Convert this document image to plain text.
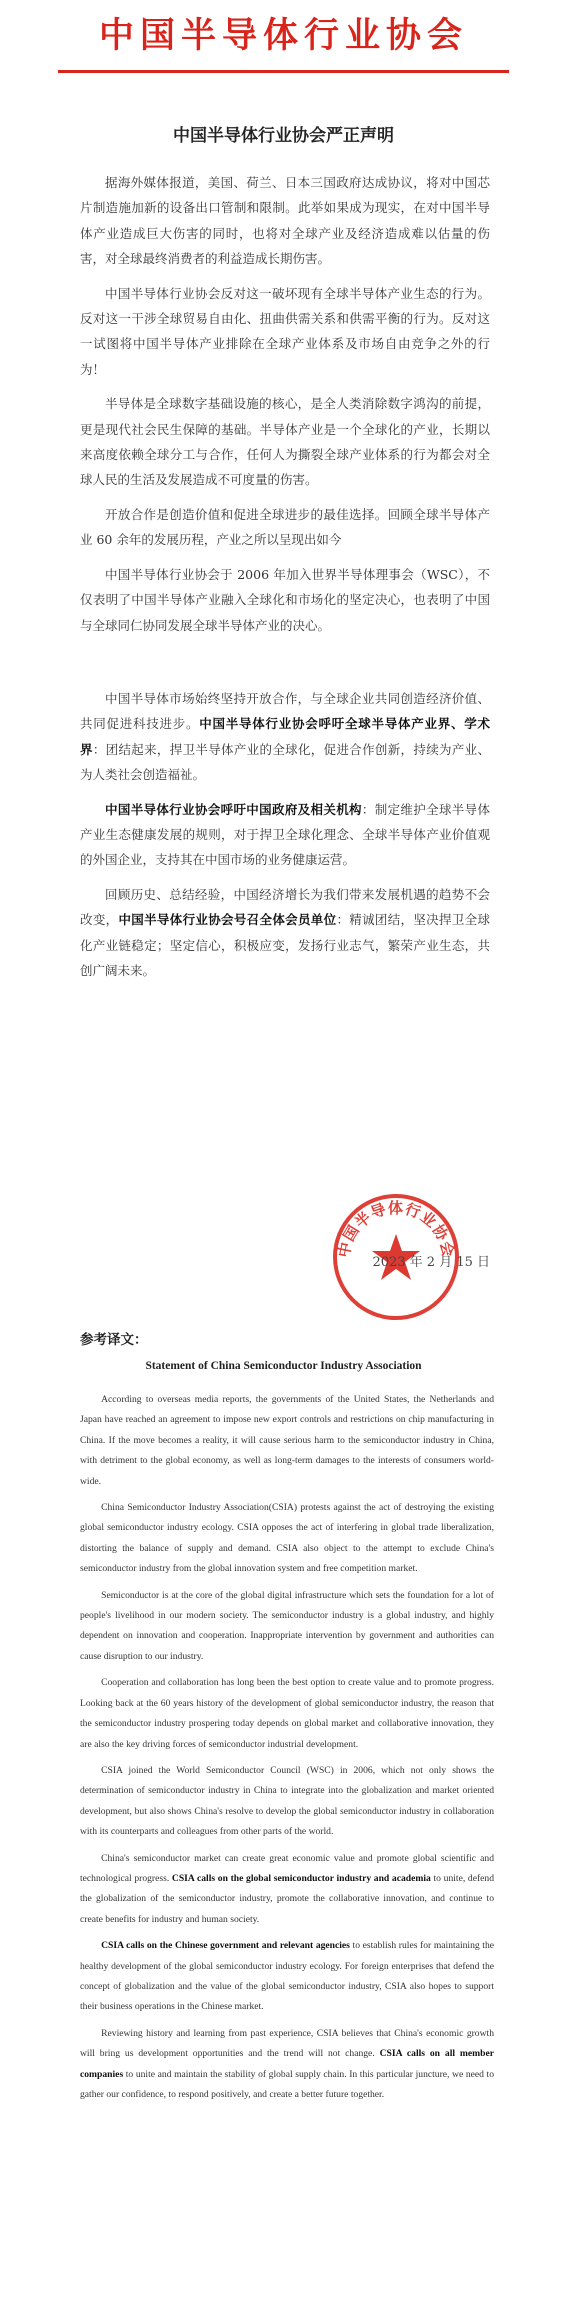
中国半导体行业协会
中国半导体行业协会严正声明

据海外媒体报道，美国、荷兰、日本三国政府达成协议，将对中国芯片制造施加新的设备出口管制和限制。此举如果成为现实，在对中国半导体产业造成巨大伤害的同时，也将对全球产业及经济造成难以估量的伤害，对全球最终消费者的利益造成长期伤害。

中国半导体行业协会反对这一破坏现有全球半导体产业生态的行为。反对这一干涉全球贸易自由化、扭曲供需关系和供需平衡的行为。反对这一试图将中国半导体产业排除在全球产业体系及市场自由竞争之外的行为！

半导体是全球数字基础设施的核心，是全人类消除数字鸿沟的前提，更是现代社会民生保障的基础。半导体产业是一个全球化的产业，长期以来高度依赖全球分工与合作，任何人为撕裂全球产业体系的行为都会对全球人民的生活及发展造成不可度量的伤害。

开放合作是创造价值和促进全球进步的最佳选择。回顾全球半导体产业 60 余年的发展历程，产业之所以呈现出如今

中国半导体行业协会于 2006 年加入世界半导体理事会（WSC），不仅表明了中国半导体产业融入全球化和市场化的坚定决心，也表明了中国与全球同仁协同发展全球半导体产业的决心。

中国半导体市场始终坚持开放合作，与全球企业共同创造经济价值、共同促进科技进步。中国半导体行业协会呼吁全球半导体产业界、学术界：团结起来，捍卫半导体产业的全球化，促进合作创新，持续为产业、为人类社会创造福祉。

中国半导体行业协会呼吁中国政府及相关机构：制定维护全球半导体产业生态健康发展的规则，对于捍卫全球化理念、全球半导体产业价值观的外国企业，支持其在中国市场的业务健康运营。

回顾历史、总结经验，中国经济增长为我们带来发展机遇的趋势不会改变，中国半导体行业协会号召全体会员单位：精诚团结，坚决捍卫全球化产业链稳定；坚定信心，积极应变，发扬行业志气，繁荣产业生态，共创广阔未来。

中国半导体行业协会
2023 年 2 月 15 日
参考译文：
Statement of China Semiconductor Industry Association

According to overseas media reports, the governments of the United States, the Netherlands and Japan have reached an agreement to impose new export controls and restrictions on chip manufacturing in China. If the move becomes a reality, it will cause serious harm to the semiconductor industry in China, with detriment to the global economy, as well as long-term damages to the interests of consumers world-wide.

China Semiconductor Industry Association(CSIA) protests against the act of destroying the existing global semiconductor industry ecology. CSIA opposes the act of interfering in global trade liberalization, distorting the balance of supply and demand. CSIA also object to the attempt to exclude China's semiconductor industry from the global innovation system and free competition market.

Semiconductor is at the core of the global digital infrastructure which sets the foundation for a lot of people's livelihood in our modern society. The semiconductor industry is a global industry, and highly dependent on innovation and cooperation. Inappropriate intervention by government and authorities can cause disruption to our industry.

Cooperation and collaboration has long been the best option to create value and to promote progress. Looking back at the 60 years history of the development of global semiconductor industry, the reason that the semiconductor industry prospering today depends on global market and collaborative innovation, they are also the key driving forces of semiconductor industrial development.

CSIA joined the World Semiconductor Council (WSC) in 2006, which not only shows the determination of semiconductor industry in China to integrate into the globalization and market oriented development, but also shows China's resolve to develop the global semiconductor industry in collaboration with its counterparts and colleagues from other parts of the world.

China's semiconductor market can create great economic value and promote global scientific and technological progress. CSIA calls on the global semiconductor industry and academia to unite, defend the globalization of the semiconductor industry, promote the collaborative innovation, and continue to create benefits for industry and human society.

CSIA calls on the Chinese government and relevant agencies to establish rules for maintaining the healthy development of the global semiconductor industry ecology. For foreign enterprises that defend the concept of globalization and the value of the global semiconductor industry, CSIA also hopes to support their business operations in the Chinese market.

Reviewing history and learning from past experience, CSIA believes that China's economic growth will bring us development opportunities and the trend will not change. CSIA calls on all member companies to unite and maintain the stability of global supply chain. In this particular juncture, we need to gather our confidence, to respond positively, and create a better future together.
